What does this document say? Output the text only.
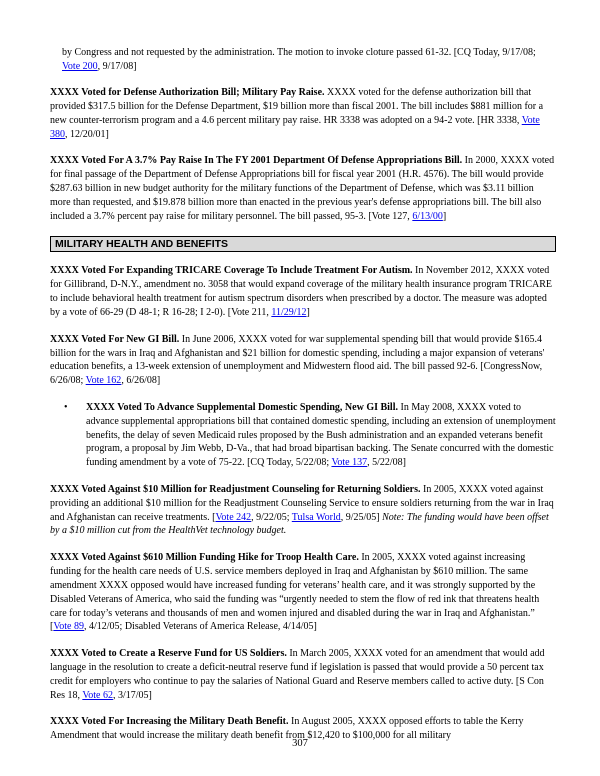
by Congress and not requested by the administration. The motion to invoke cloture passed 61-32. [CQ Today, 9/17/08; Vote 200, 9/17/08]

XXXX Voted for Defense Authorization Bill; Military Pay Raise. XXXX voted for the defense authorization bill that provided $317.5 billion for the Defense Department, $19 billion more than fiscal 2001. The bill includes $881 million for a new counter-terrorism program and a 4.6 percent military pay raise. HR 3338 was adopted on a 94-2 vote. [HR 3338, Vote 380, 12/20/01]

XXXX Voted For A 3.7% Pay Raise In The FY 2001 Department Of Defense Appropriations Bill. In 2000, XXXX voted for final passage of the Department of Defense Appropriations bill for fiscal year 2001 (H.R. 4576). The bill would provide $287.63 billion in new budget authority for the military functions of the Department of Defense, which was $3.11 billion more than requested, and $19.878 billion more than enacted in the previous year's defense appropriations bill. The bill also included a 3.7% percent pay raise for military personnel. The bill passed, 95-3. [Vote 127, 6/13/00]

MILITARY HEALTH AND BENEFITS

XXXX Voted For Expanding TRICARE Coverage To Include Treatment For Autism. In November 2012, XXXX voted for Gillibrand, D-N.Y., amendment no. 3058 that would expand coverage of the military health insurance program TRICARE to include behavioral health treatment for autism spectrum disorders when prescribed by a doctor. The measure was adopted by a vote of 66-29 (D 48-1; R 16-28; I 2-0). [Vote 211, 11/29/12]

XXXX Voted For New GI Bill. In June 2006, XXXX voted for war supplemental spending bill that would provide $165.4 billion for the wars in Iraq and Afghanistan and $21 billion for domestic spending, including a major expansion of veterans' education benefits, a 13-week extension of unemployment and Midwestern flood aid. The bill passed 92-6. [CongressNow, 6/26/08; Vote 162, 6/26/08]

• XXXX Voted To Advance Supplemental Domestic Spending, New GI Bill. In May 2008, XXXX voted to advance supplemental appropriations bill that contained domestic spending, including an extension of unemployment benefits, the delay of seven Medicaid rules proposed by the Bush administration and an expanded veterans benefit program, a proposal by Jim Webb, D-Va., that had broad bipartisan backing. The Senate concurred with the domestic funding amendment by a vote of 75-22. [CQ Today, 5/22/08; Vote 137, 5/22/08]

XXXX Voted Against $10 Million for Readjustment Counseling for Returning Soldiers. In 2005, XXXX voted against providing an additional $10 million for the Readjustment Counseling Service to ensure soldiers returning from the war in Iraq and Afghanistan can receive treatments. [Vote 242, 9/22/05; Tulsa World, 9/25/05] Note: The funding would have been offset by a $10 million cut from the HealthVet technology budget.

XXXX Voted Against $610 Million Funding Hike for Troop Health Care. In 2005, XXXX voted against increasing funding for the health care needs of U.S. service members deployed in Iraq and Afghanistan by $610 million. The same amendment XXXX opposed would have increased funding for veterans’ health care, and it was strongly supported by the Disabled Veterans of America, who said the funding was “urgently needed to stem the flow of red ink that threatens health care for today’s veterans and thousands of men and women injured and disabled during the war in Iraq and Afghanistan.” [Vote 89, 4/12/05; Disabled Veterans of America Release, 4/14/05]

XXXX Voted to Create a Reserve Fund for US Soldiers. In March 2005, XXXX voted for an amendment that would add language in the resolution to create a deficit-neutral reserve fund if legislation is passed that would provide a 50 percent tax credit for employers who continue to pay the salaries of National Guard and Reserve members called to active duty. [S Con Res 18, Vote 62, 3/17/05]

XXXX Voted For Increasing the Military Death Benefit. In August 2005, XXXX opposed efforts to table the Kerry Amendment that would increase the military death benefit from $12,420 to $100,000 for all military

307
